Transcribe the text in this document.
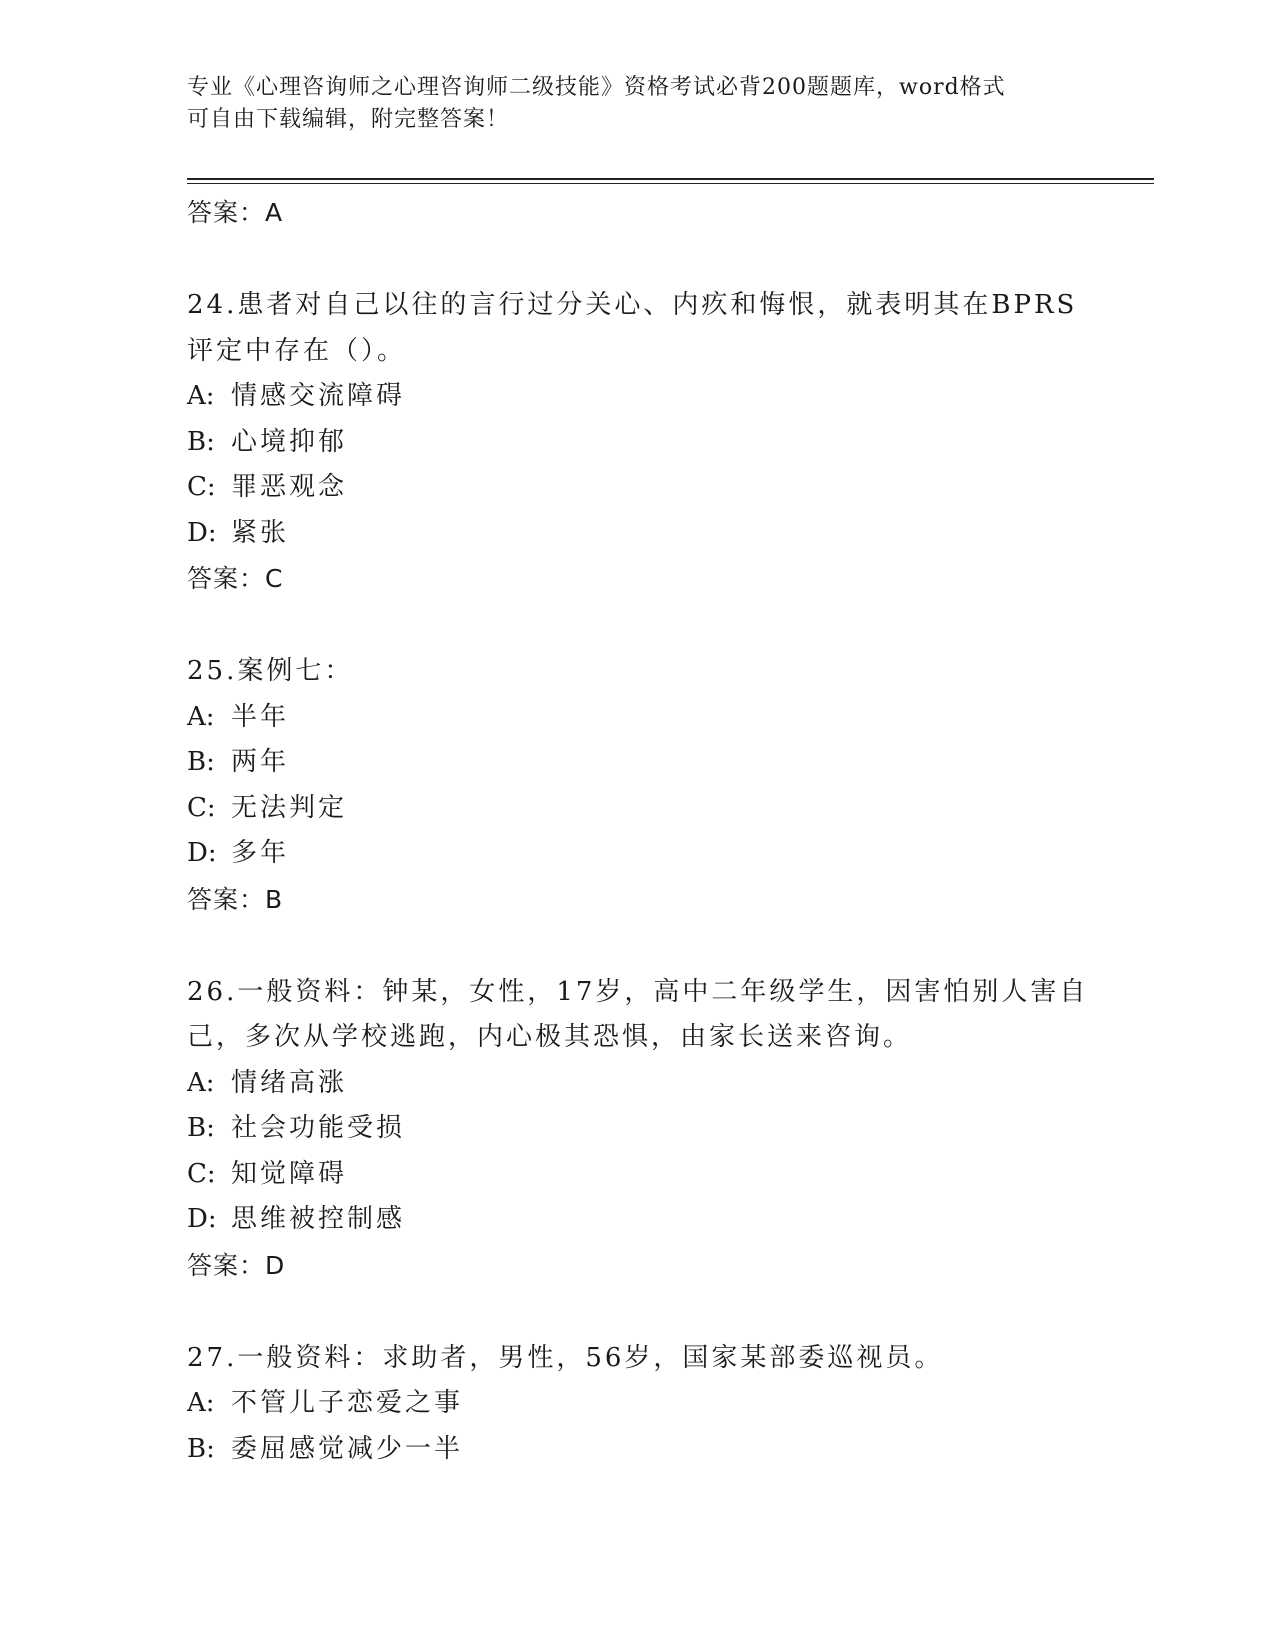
专业《心理咨询师之心理咨询师二级技能》资格考试必背200题题库，word格式
可自由下载编辑，附完整答案！
答案：A
24.患者对自己以往的言行过分关心、内疚和悔恨，就表明其在BPRS
评定中存在（）。
A: 情感交流障碍
B: 心境抑郁
C: 罪恶观念
D: 紧张
答案：C
25.案例七：
A: 半年
B: 两年
C: 无法判定
D: 多年
答案：B
26.一般资料：钟某，女性，17岁，高中二年级学生，因害怕别人害自
己，多次从学校逃跑，内心极其恐惧，由家长送来咨询。
A: 情绪高涨
B: 社会功能受损
C: 知觉障碍
D: 思维被控制感
答案：D
27.一般资料：求助者，男性，56岁，国家某部委巡视员。
A: 不管儿子恋爱之事
B: 委屈感觉减少一半
